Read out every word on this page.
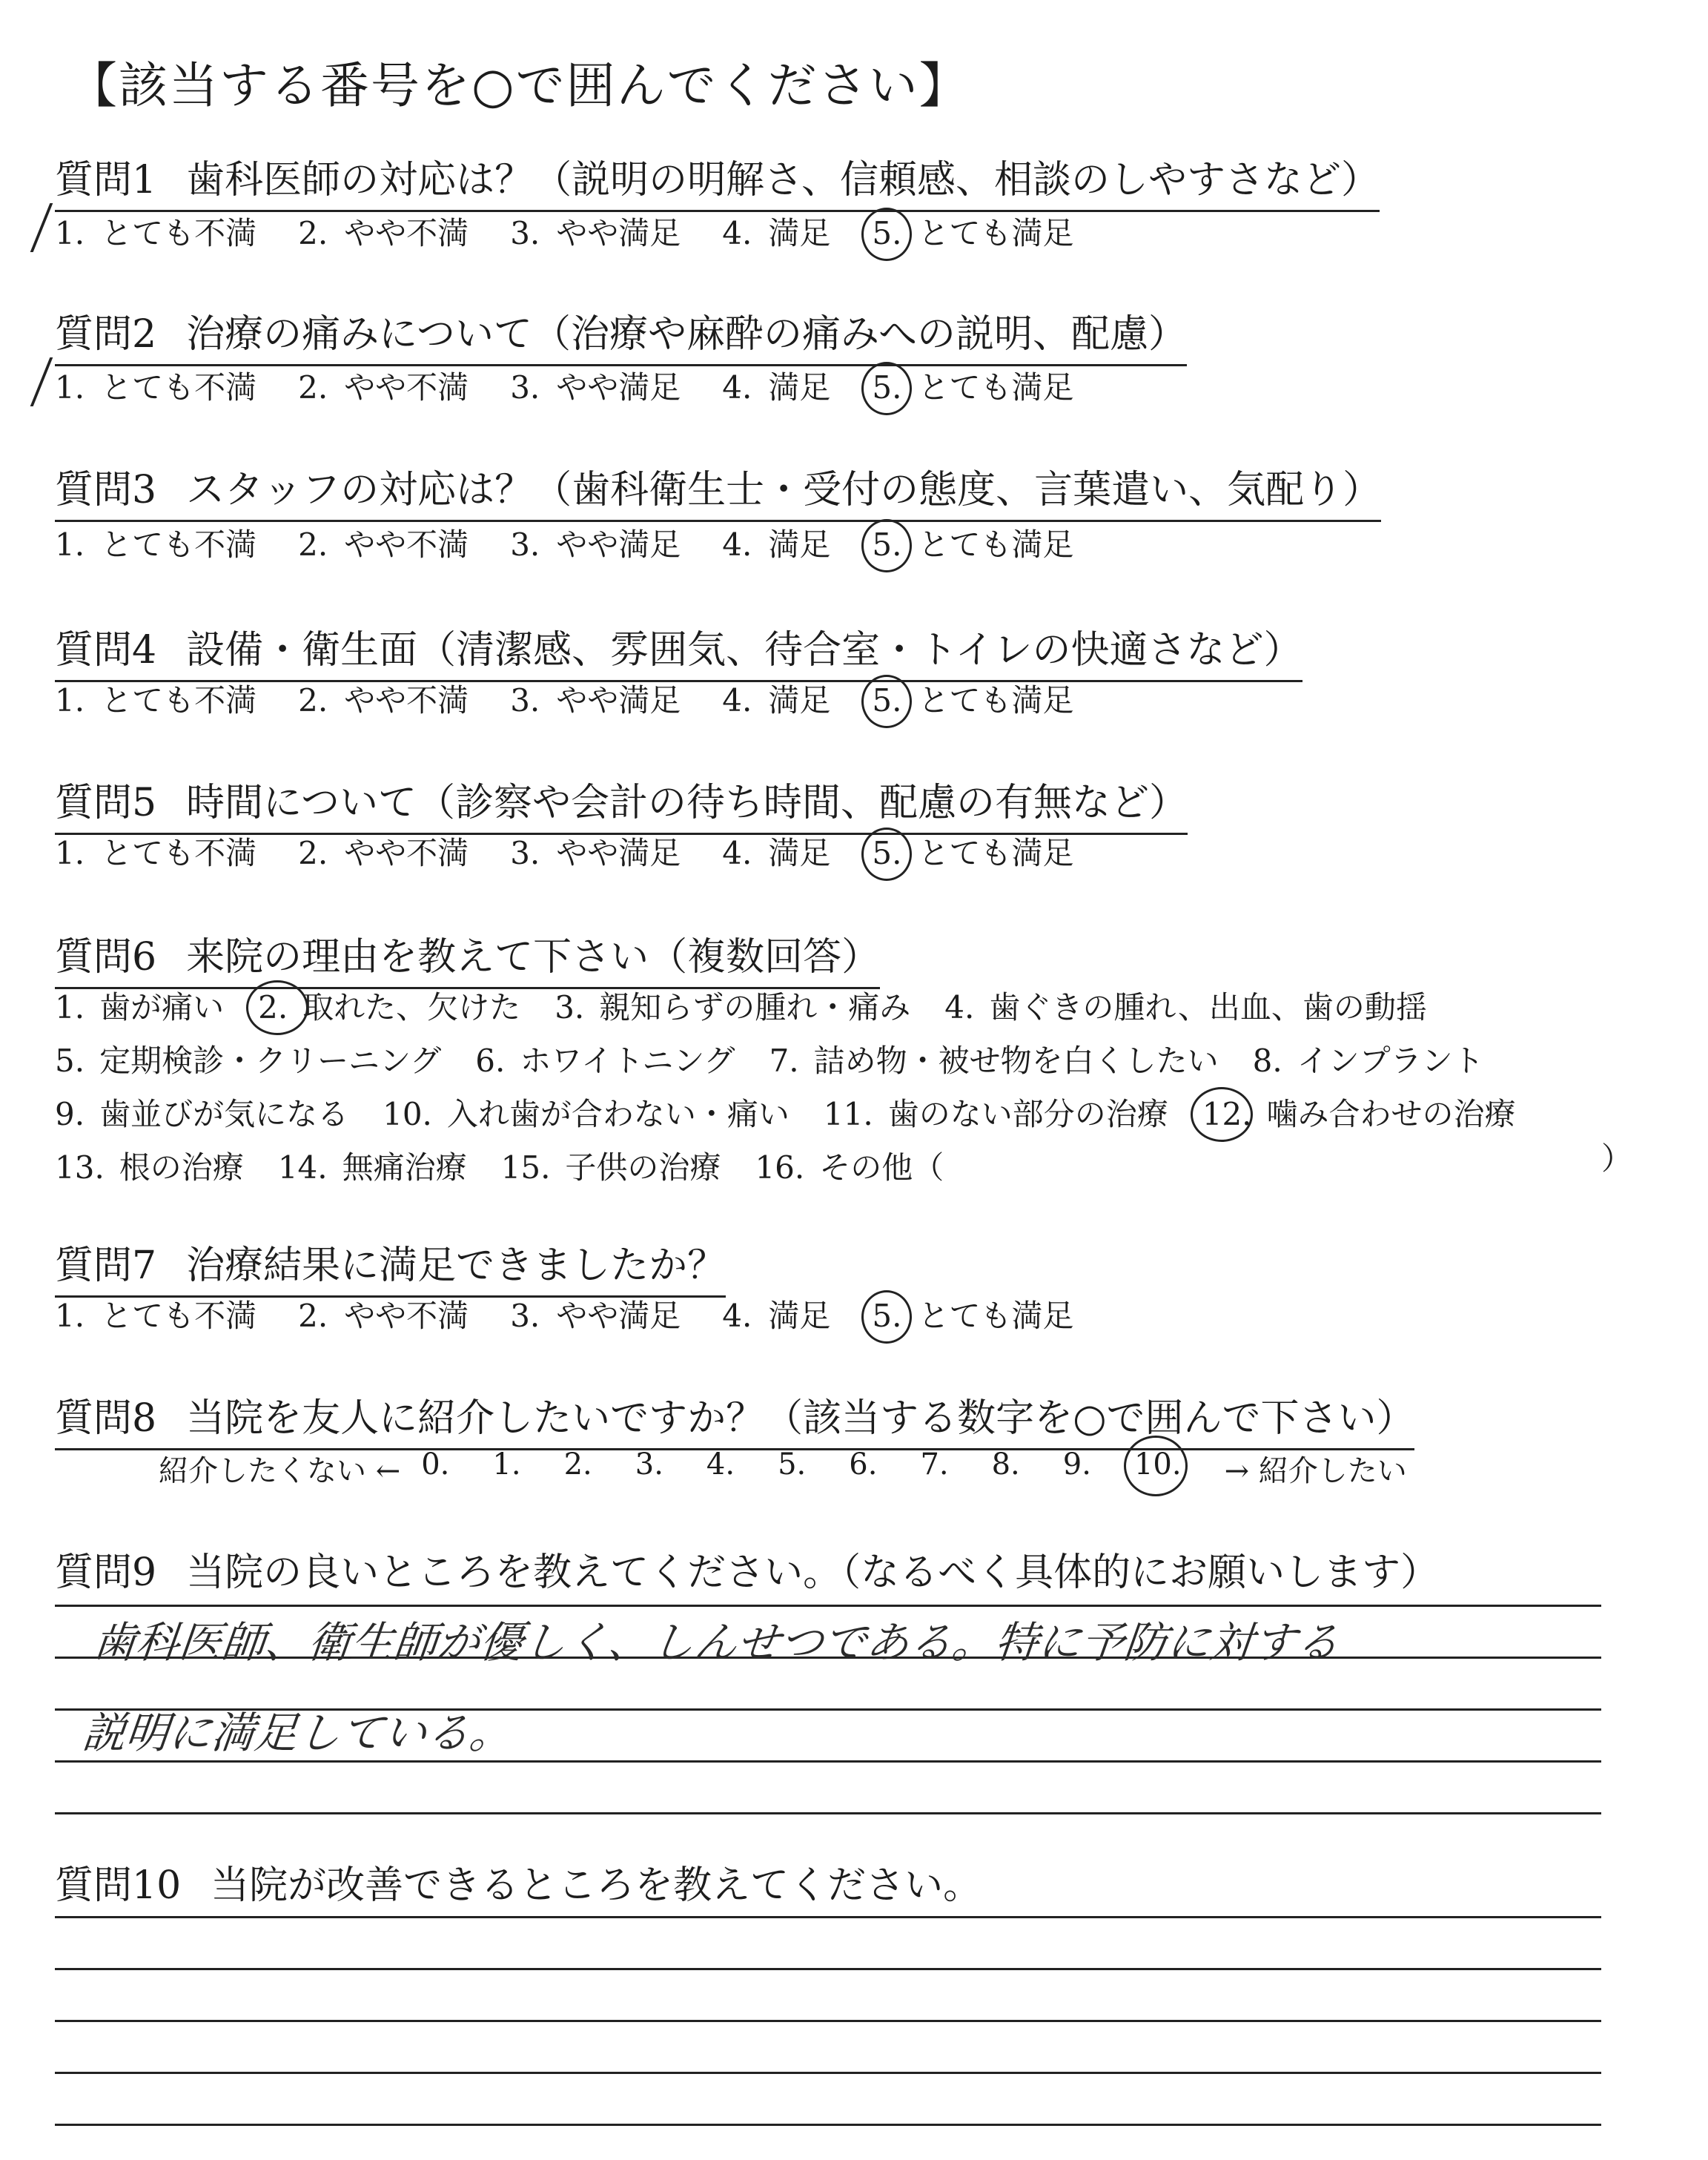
【該当する番号を○で囲んでください】
質問1 歯科医師の対応は？（説明の明解さ、信頼感、相談のしやすさなど）
1. とても不満 2. やや不満 3. やや満足 4. 満足 5. とても満足
質問2 治療の痛みについて（治療や麻酔の痛みへの説明、配慮）
1. とても不満 2. やや不満 3. やや満足 4. 満足 5. とても満足
質問3 スタッフの対応は？（歯科衛生士・受付の態度、言葉遣い、気配り）
1. とても不満 2. やや不満 3. やや満足 4. 満足 5. とても満足
質問4 設備・衛生面（清潔感、雰囲気、待合室・トイレの快適さなど）
1. とても不満 2. やや不満 3. やや満足 4. 満足 5. とても満足
質問5 時間について（診察や会計の待ち時間、配慮の有無など）
1. とても不満 2. やや不満 3. やや満足 4. 満足 5. とても満足
質問6 来院の理由を教えて下さい（複数回答）
1. 歯が痛い 2. 取れた、欠けた 3. 親知らずの腫れ・痛み 4. 歯ぐきの腫れ、出血、歯の動揺
5. 定期検診・クリーニング 6. ホワイトニング 7. 詰め物・被せ物を白くしたい 8. インプラント
9. 歯並びが気になる 10. 入れ歯が合わない・痛い 11. 歯のない部分の治療 12. 噛み合わせの治療
13. 根の治療 14. 無痛治療 15. 子供の治療 16. その他（	）
質問7 治療結果に満足できましたか？
1. とても不満 2. やや不満 3. やや満足 4. 満足 5. とても満足
質問8 当院を友人に紹介したいですか？（該当する数字を○で囲んで下さい）
紹介したくない ← 0. 1. 2. 3. 4. 5. 6. 7. 8. 9. 10. → 紹介したい
質問9 当院の良いところを教えてください。（なるべく具体的にお願いします）
歯科医師、衛生師が優しく、しんせつである。特に予防に対する
説明に満足している。
質問10 当院が改善できるところを教えてください。
